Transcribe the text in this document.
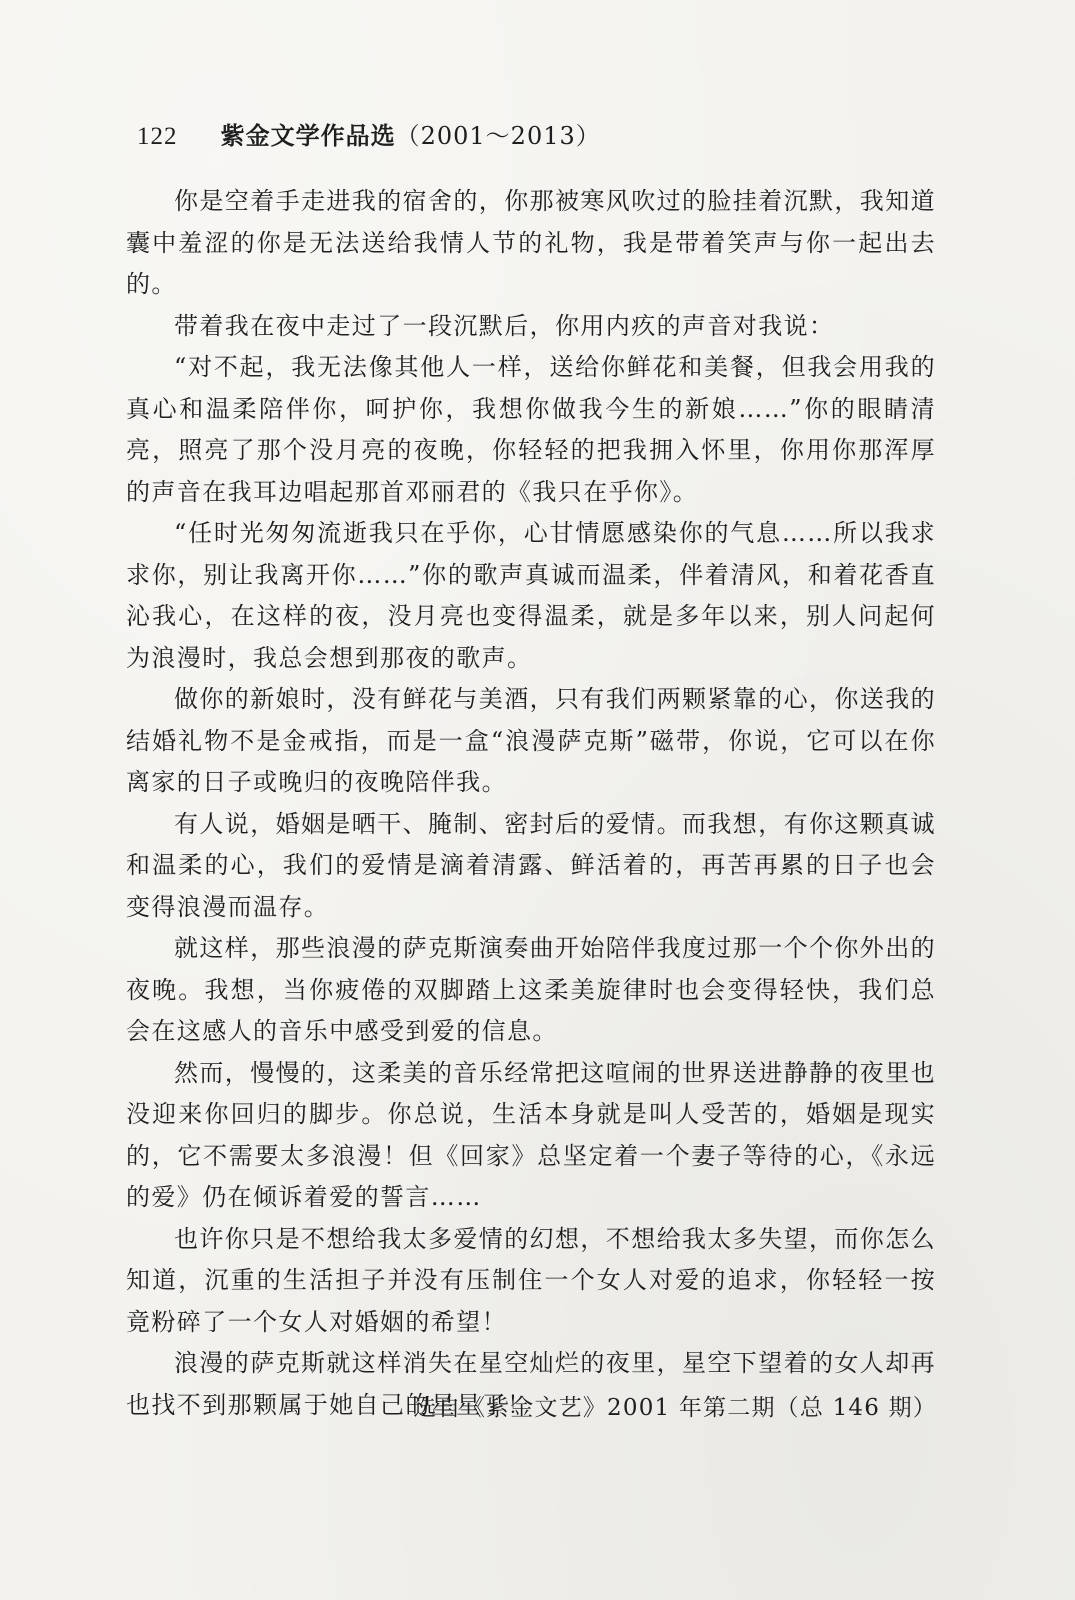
122 紫金文学作品选（2001～2013）

你是空着手走进我的宿舍的，你那被寒风吹过的脸挂着沉默，我知道囊中羞涩的你是无法送给我情人节的礼物，我是带着笑声与你一起出去的。

带着我在夜中走过了一段沉默后，你用内疚的声音对我说：

“对不起，我无法像其他人一样，送给你鲜花和美餐，但我会用我的真心和温柔陪伴你，呵护你，我想你做我今生的新娘……”你的眼睛清亮，照亮了那个没月亮的夜晚，你轻轻的把我拥入怀里，你用你那浑厚的声音在我耳边唱起那首邓丽君的《我只在乎你》。

“任时光匆匆流逝我只在乎你，心甘情愿感染你的气息……所以我求求你，别让我离开你……”你的歌声真诚而温柔，伴着清风，和着花香直沁我心，在这样的夜，没月亮也变得温柔，就是多年以来，别人问起何为浪漫时，我总会想到那夜的歌声。

做你的新娘时，没有鲜花与美酒，只有我们两颗紧靠的心，你送我的结婚礼物不是金戒指，而是一盒“浪漫萨克斯”磁带，你说，它可以在你离家的日子或晚归的夜晚陪伴我。

有人说，婚姻是晒干、腌制、密封后的爱情。而我想，有你这颗真诚和温柔的心，我们的爱情是滴着清露、鲜活着的，再苦再累的日子也会变得浪漫而温存。

就这样，那些浪漫的萨克斯演奏曲开始陪伴我度过那一个个你外出的夜晚。我想，当你疲倦的双脚踏上这柔美旋律时也会变得轻快，我们总会在这感人的音乐中感受到爱的信息。

然而，慢慢的，这柔美的音乐经常把这喧闹的世界送进静静的夜里也没迎来你回归的脚步。你总说，生活本身就是叫人受苦的，婚姻是现实的，它不需要太多浪漫！但《回家》总坚定着一个妻子等待的心，《永远的爱》仍在倾诉着爱的誓言……

也许你只是不想给我太多爱情的幻想，不想给我太多失望，而你怎么知道，沉重的生活担子并没有压制住一个女人对爱的追求，你轻轻一按竟粉碎了一个女人对婚姻的希望！

浪漫的萨克斯就这样消失在星空灿烂的夜里，星空下望着的女人却再也找不到那颗属于她自己的星星了！

选自《紫金文艺》2001 年第二期（总 146 期）
